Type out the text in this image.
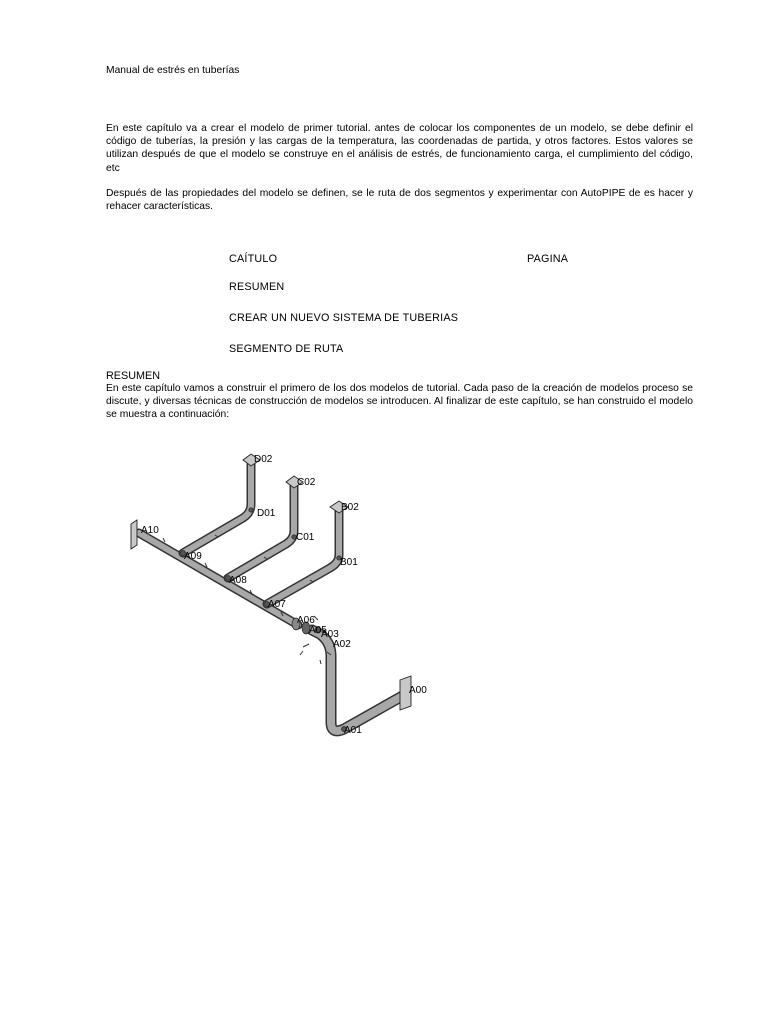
Manual de estrés en tuberías
En este capítulo va a crear el modelo de primer tutorial. antes de colocar los componentes de un modelo, se debe definir el código de tuberías, la presión y las cargas de la temperatura, las coordenadas de partida, y otros factores. Estos valores se utilizan después de que el modelo se construye en el análisis de estrés, de funcionamiento carga, el cumplimiento del código, etc
Después de las propiedades del modelo se definen, se le ruta de dos segmentos y experimentar con AutoPIPE de es hacer y rehacer características.
CAÍTULO	PAGINA
RESUMEN
CREAR UN NUEVO SISTEMA DE TUBERIAS
SEGMENTO DE RUTA
RESUMEN
En este capítulo vamos a construir el primero de los dos modelos de tutorial. Cada paso de la creación de modelos proceso se discute, y diversas técnicas de construcción de modelos se introducen. Al finalizar de este capítulo, se han construido el modelo se muestra a continuación:
D02
C02
B02
D01
C01
B01
A10
A09
A08
A07
A06
A05
A03
A02
A01
A00
